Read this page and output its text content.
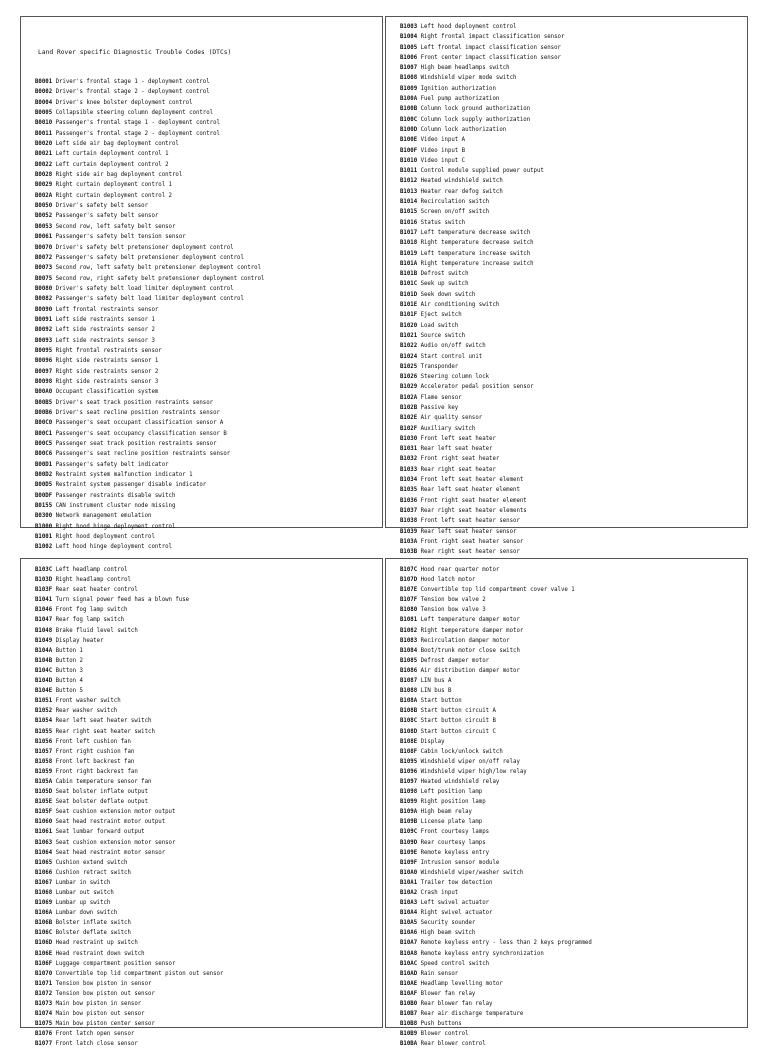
Land Rover specific Diagnostic Trouble Codes (DTCs)
B0001 Driver's frontal stage 1 - deployment control
B0002 Driver's frontal stage 2 - deployment control
B0004 Driver's knee bolster deployment control
B0005 Collapsible steering column deployment control
B0010 Passenger's frontal stage 1 - deployment control
B0011 Passenger's frontal stage 2 - deployment control
B0020 Left side air bag deployment control
B0021 Left curtain deployment control 1
B0022 Left curtain deployment control 2
B0028 Right side air bag deployment control
B0029 Right curtain deployment control 1
B002A Right curtain deployment control 2
B0050 Driver's safety belt sensor
B0052 Passenger's safety belt sensor
B0053 Second row, left safety belt sensor
B0061 Passenger's safety belt tension sensor
B0070 Driver's safety belt pretensioner deployment control
B0072 Passenger's safety belt pretensioner deployment control
B0073 Second row, left safety belt pretensioner deployment control
B0075 Second row, right safety belt pretensioner deployment control
B0080 Driver's safety belt load limiter deployment control
B0082 Passenger's safety belt load limiter deployment control
B0090 Left frontal restraints sensor
B0091 Left side restraints sensor 1
B0092 Left side restraints sensor 2
B0093 Left side restraints sensor 3
B0095 Right frontal restraints sensor
B0096 Right side restraints sensor 1
B0097 Right side restraints sensor 2
B0098 Right side restraints sensor 3
B00A0 Occupant classification system
B00B5 Driver's seat track position restraints sensor
B00B6 Driver's seat recline position restraints sensor
B00C0 Passenger's seat occupant classification sensor A
B00C1 Passenger's seat occupancy classification sensor B
B00C5 Passenger seat track position restraints sensor
B00C6 Passenger's seat recline position restraints sensor
B00D1 Passenger's safety belt indicator
B00D2 Restraint system malfunction indicator 1
B00D5 Restraint system passenger disable indicator
B00DF Passenger restraints disable switch
B0155 CAN instrument cluster node missing
B0300 Network management emulation
B1000 Right hood hinge deployment control
B1001 Right hood deployment control
B1002 Left hood hinge deployment control
B1003 Left hood deployment control
B1004 Right frontal impact classification sensor
B1005 Left frontal impact classification sensor
B1006 Front center impact classification sensor
B1007 High beam headlamps switch
B1008 Windshield wiper mode switch
B1009 Ignition authorization
B100A Fuel pump authorization
B100B Column lock ground authorization
B100C Column lock supply authorization
B100D Column lock authorization
B100E Video input A
B100F Video input B
B1010 Video input C
B1011 Control module supplied power output
B1012 Heated windshield switch
B1013 Heater rear defog switch
B1014 Recirculation switch
B1015 Screen on/off switch
B1016 Status switch
B1017 Left temperature decrease switch
B1018 Right temperature decrease switch
B1019 Left temperature increase switch
B101A Right temperature increase switch
B101B Defrost switch
B101C Seek up switch
B101D Seek down switch
B101E Air conditioning switch
B101F Eject switch
B1020 Load switch
B1021 Source switch
B1022 Audio on/off switch
B1024 Start control unit
B1025 Transponder
B1026 Steering column lock
B1029 Accelerator pedal position sensor
B102A Flame sensor
B102B Passive key
B102E Air quality sensor
B102F Auxiliary switch
B1030 Front left seat heater
B1031 Rear left seat heater
B1032 Front right seat heater
B1033 Rear right seat heater
B1034 Front left seat heater element
B1035 Rear left seat heater element
B1036 Front right seat heater element
B1037 Rear right seat heater elements
B1038 Front left seat heater sensor
B1039 Rear left seat heater sensor
B103A Front right seat heater sensor
B103B Rear right seat heater sensor
B103C Left headlamp control
B103D Right headlamp control
B103F Rear seat heater control
B1041 Turn signal power feed has a blown fuse
B1046 Front fog lamp switch
B1047 Rear fog lamp switch
B1048 Brake fluid level switch
B1049 Display heater
B104A Button 1
B104B Button 2
B104C Button 3
B104D Button 4
B104E Button 5
B1051 Front washer switch
B1052 Rear washer switch
B1054 Rear left seat heater switch
B1055 Rear right seat heater switch
B1056 Front left cushion fan
B1057 Front right cushion fan
B1058 Front left backrest fan
B1059 Front right backrest fan
B105A Cabin temperature sensor fan
B105D Seat bolster inflate output
B105E Seat bolster deflate output
B105F Seat cushion extension motor output
B1060 Seat head restraint motor output
B1061 Seat lumbar forward output
B1063 Seat cushion extension motor sensor
B1064 Seat head restraint motor sensor
B1065 Cushion extend switch
B1066 Cushion retract switch
B1067 Lumbar in switch
B1068 Lumbar out switch
B1069 Lumbar up switch
B106A Lumbar down switch
B106B Bolster inflate switch
B106C Bolster deflate switch
B106D Head restraint up switch
B106E Head restraint down switch
B106F Luggage compartment position sensor
B1070 Convertible top lid compartment piston out sensor
B1071 Tension bow piston in sensor
B1072 Tension bow piston out sensor
B1073 Main bow piston in sensor
B1074 Main bow piston out sensor
B1075 Main bow piston center sensor
B1076 Front latch open sensor
B1077 Front latch close sensor
B107C Hood rear quarter motor
B107D Hood latch motor
B107E Convertible top lid compartment cover valve 1
B107F Tension bow valve 2
B1080 Tension bow valve 3
B1081 Left temperature damper motor
B1082 Right temperature damper motor
B1083 Recirculation damper motor
B1084 Boot/trunk motor close switch
B1085 Defrost damper motor
B1086 Air distribution damper motor
B1087 LIN bus A
B1088 LIN bus B
B108A Start button
B108B Start button circuit A
B108C Start button circuit B
B108D Start button circuit C
B108E Display
B108F Cabin lock/unlock switch
B1095 Windshield wiper on/off relay
B1096 Windshield wiper high/low relay
B1097 Heated windshield relay
B1098 Left position lamp
B1099 Right position lamp
B109A High beam relay
B109B License plate lamp
B109C Front courtesy lamps
B109D Rear courtesy lamps
B109E Remote keyless entry
B109F Intrusion sensor module
B10A0 Windshield wiper/washer switch
B10A1 Trailer tow detection
B10A2 Crash input
B10A3 Left swivel actuator
B10A4 Right swivel actuator
B10A5 Security sounder
B10A6 High beam switch
B10A7 Remote keyless entry - less than 2 keys programmed
B10A8 Remote keyless entry synchronization
B10AC Speed control switch
B10AD Rain sensor
B10AE Headlamp levelling motor
B10AF Blower fan relay
B10B0 Rear blower fan relay
B10B7 Rear air discharge temperature
B10B8 Push buttons
B10B9 Blower control
B10BA Rear blower control
